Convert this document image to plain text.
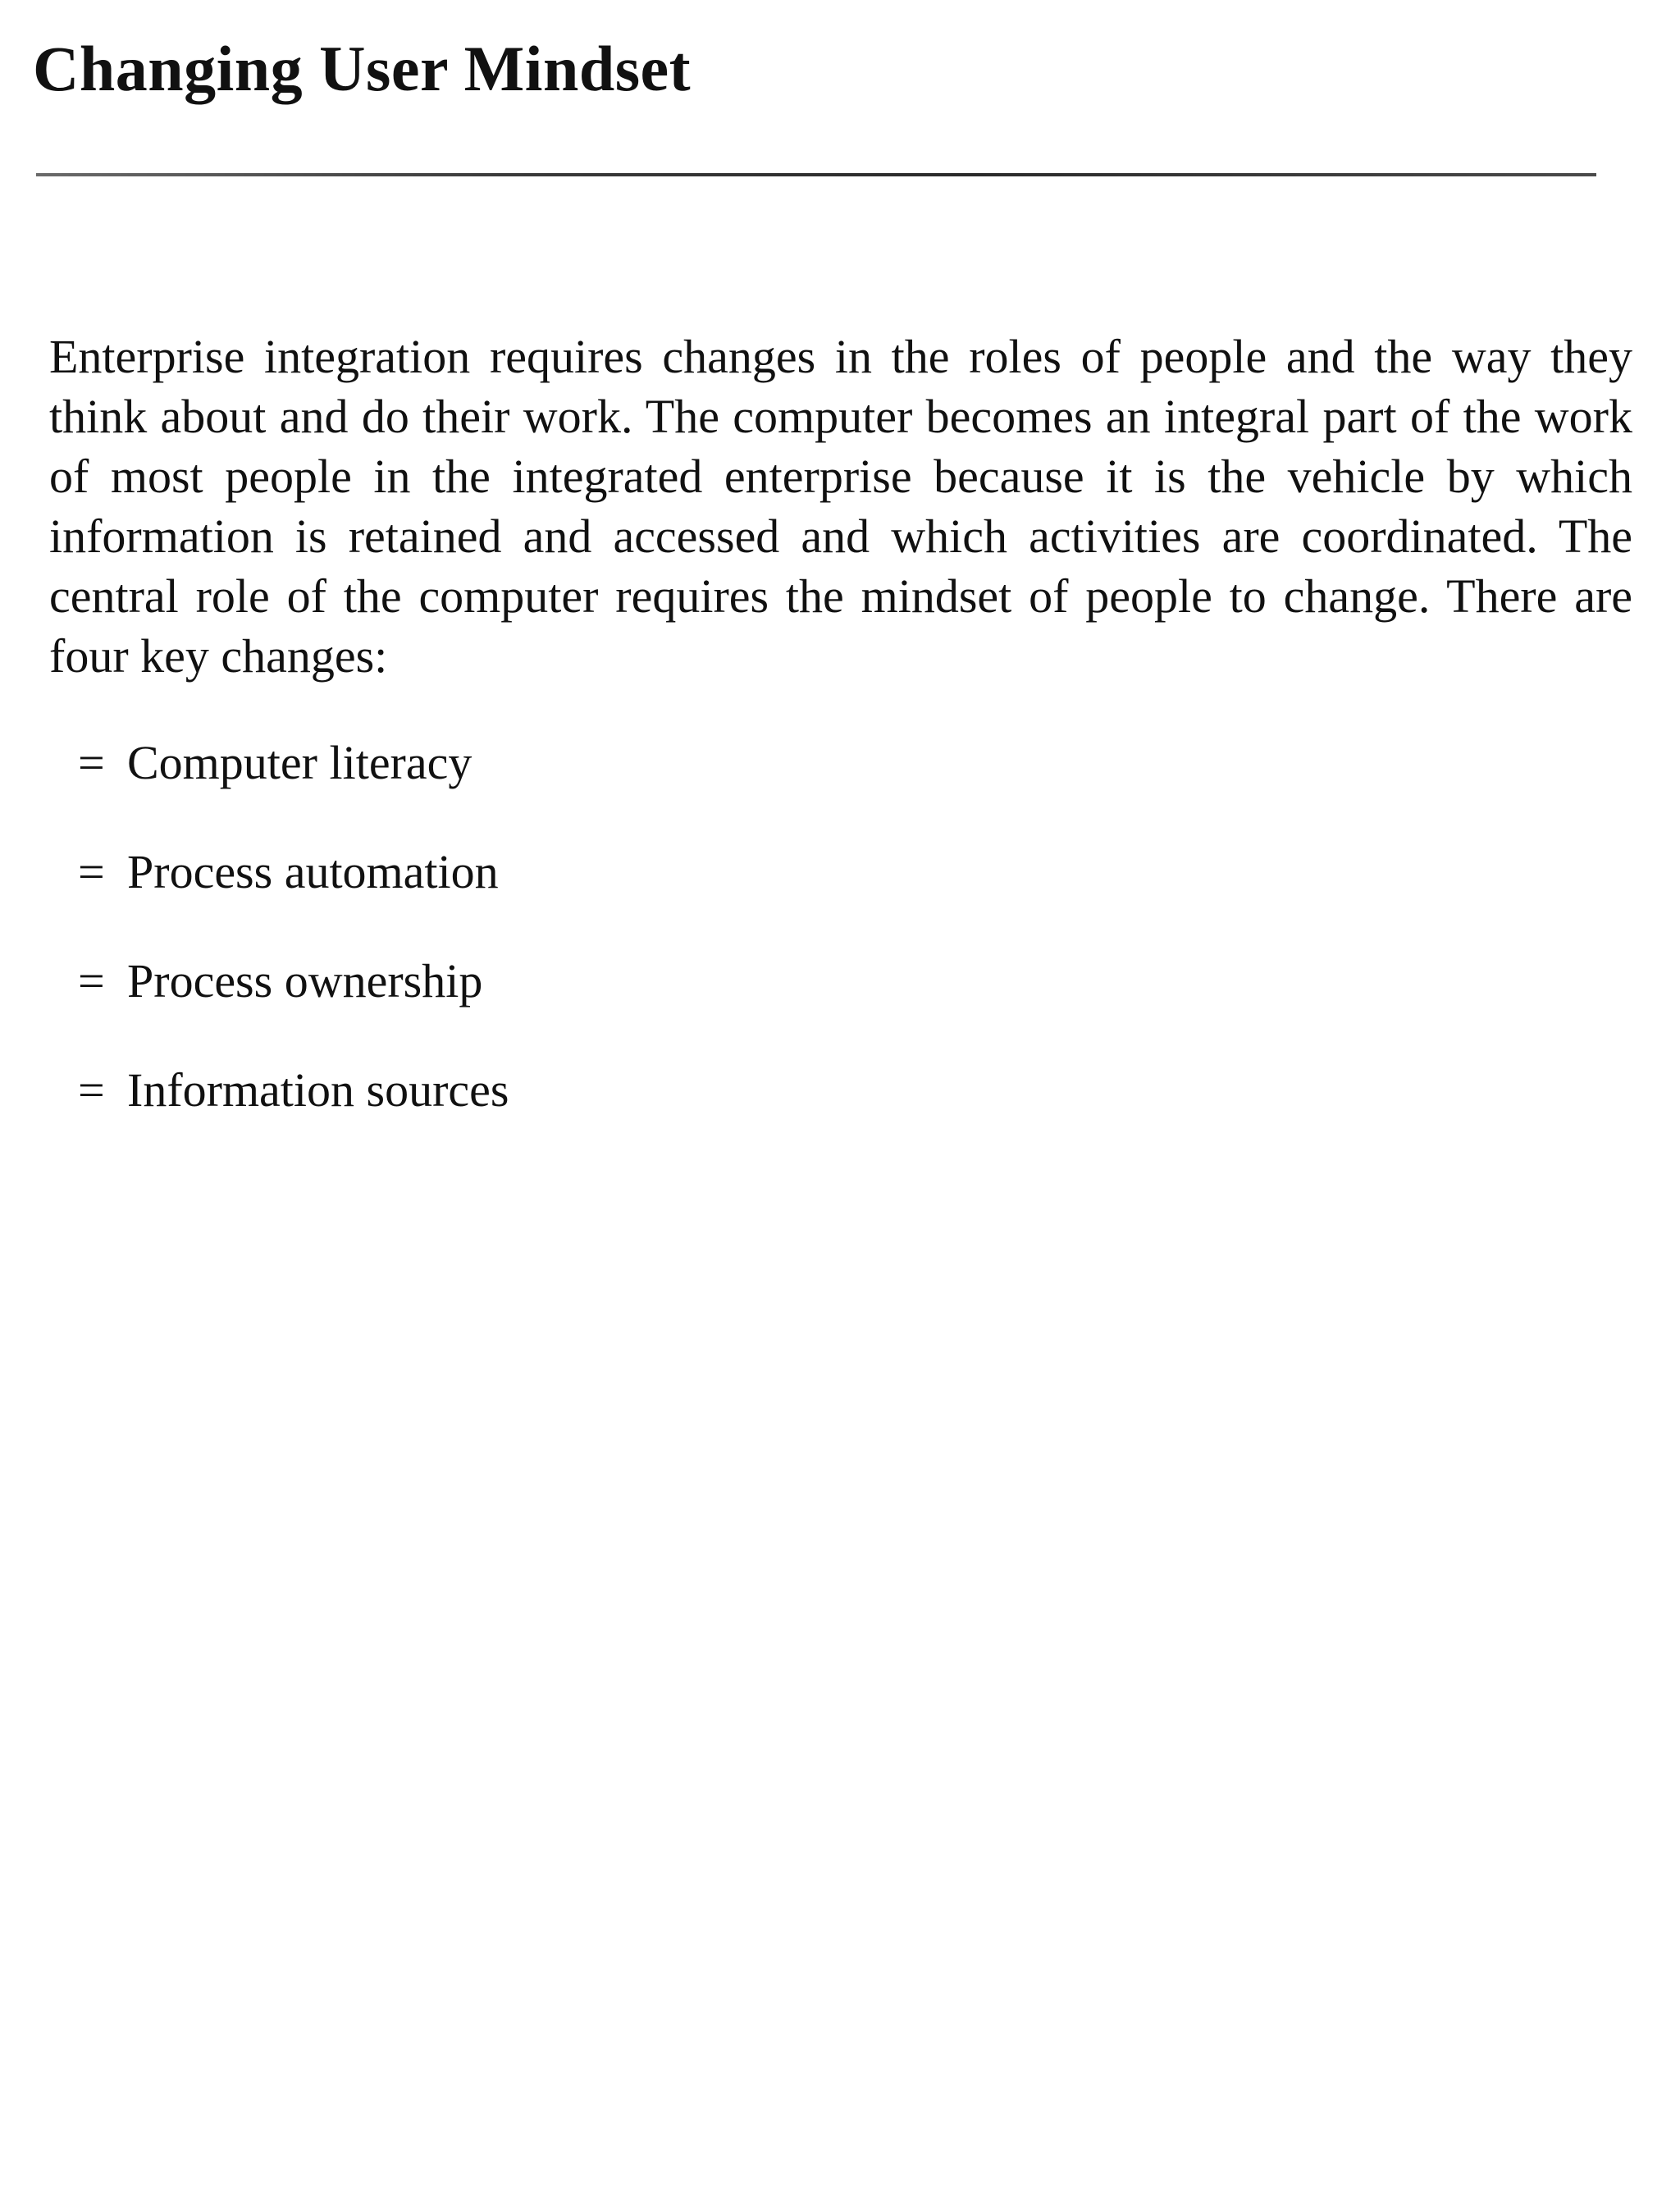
Changing User Mindset

Enterprise integration requires changes in the roles of people and the way they think about and do their work. The computer becomes an integral part of the work of most people in the integrated enterprise because it is the vehicle by which information is retained and accessed and which activities are coordinated. The central role of the computer requires the mindset of people to change. There are four key changes:

= Computer literacy
= Process automation
= Process ownership
= Information sources
